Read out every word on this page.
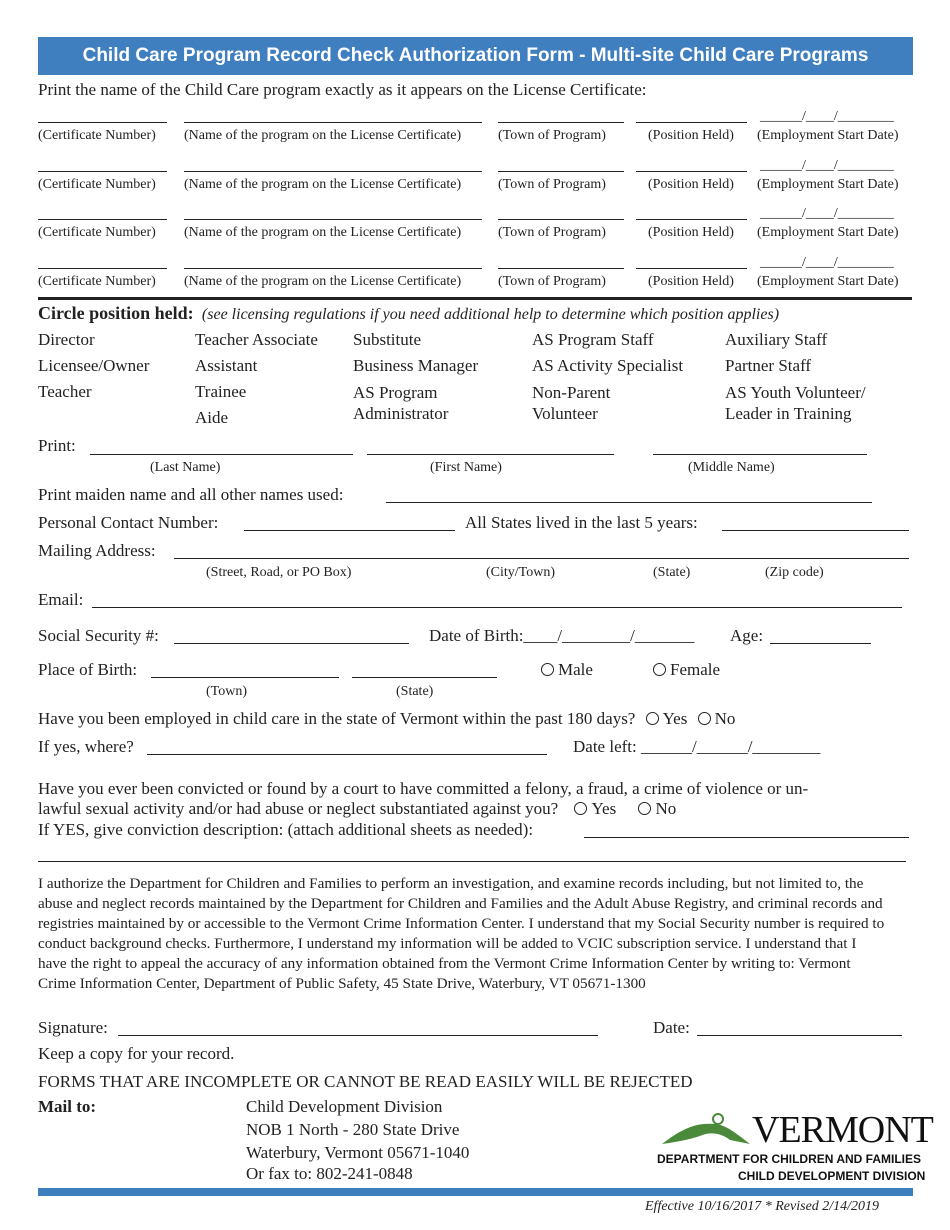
Child Care Program Record Check Authorization Form - Multi-site Child Care Programs
Print the name of the Child Care program exactly as it appears on the License Certificate:
______/____/________
(Certificate Number) (Name of the program on the License Certificate)	(Town of Program)	(Position Held) (Employment Start Date)
______/____/________
(Certificate Number) (Name of the program on the License Certificate)	(Town of Program)	(Position Held) (Employment Start Date)
______/____/________
(Certificate Number) (Name of the program on the License Certificate)	(Town of Program)	(Position Held) (Employment Start Date)
______/____/________
(Certificate Number) (Name of the program on the License Certificate)	(Town of Program)	(Position Held) (Employment Start Date)
Circle position held: (see licensing regulations if you need additional help to determine which position applies)
Director
Licensee/Owner
Teacher
Teacher Associate
Assistant
Trainee
Aide
Substitute
Business Manager
AS Program Administrator
AS Program Staff
AS Activity Specialist
Non-Parent Volunteer
Auxiliary Staff
Partner Staff
AS Youth Volunteer/ Leader in Training
Print:
(Last Name)	(First Name)	(Middle Name)
Print maiden name and all other names used:
Personal Contact Number:	All States lived in the last 5 years:
Mailing Address:
(Street, Road, or PO Box)	(City/Town)	(State)	(Zip code)
Email:
Social Security #:	Date of Birth:____/________/_______ Age:
Place of Birth:
(Town)	(State)
Male	Female
Have you been employed in child care in the state of Vermont within the past 180 days? Yes No
If yes, where?	Date left: ______/______/________
Have you ever been convicted or found by a court to have committed a felony, a fraud, a crime of violence or un-
lawful sexual activity and/or had abuse or neglect substantiated against you? Yes No
If YES, give conviction description: (attach additional sheets as needed):
I authorize the Department for Children and Families to perform an investigation, and examine records including, but not limited to, the abuse and neglect records maintained by the Department for Children and Families and the Adult Abuse Registry, and criminal records and registries maintained by or accessible to the Vermont Crime Information Center. I understand that my Social Security number is required to conduct background checks. Furthermore, I understand my information will be added to VCIC subscription service. I understand that I have the right to appeal the accuracy of any information obtained from the Vermont Crime Information Center by writing to: Vermont Crime Information Center, Department of Public Safety, 45 State Drive, Waterbury, VT 05671-1300
Signature:	Date:
Keep a copy for your record.
FORMS THAT ARE INCOMPLETE OR CANNOT BE READ EASILY WILL BE REJECTED
Mail to:	Child Development Division
NOB 1 North - 280 State Drive
Waterbury, Vermont 05671-1040
Or fax to: 802-241-0848
VERMONT
DEPARTMENT FOR CHILDREN AND FAMILIES
CHILD DEVELOPMENT DIVISION
Effective 10/16/2017 * Revised 2/14/2019
